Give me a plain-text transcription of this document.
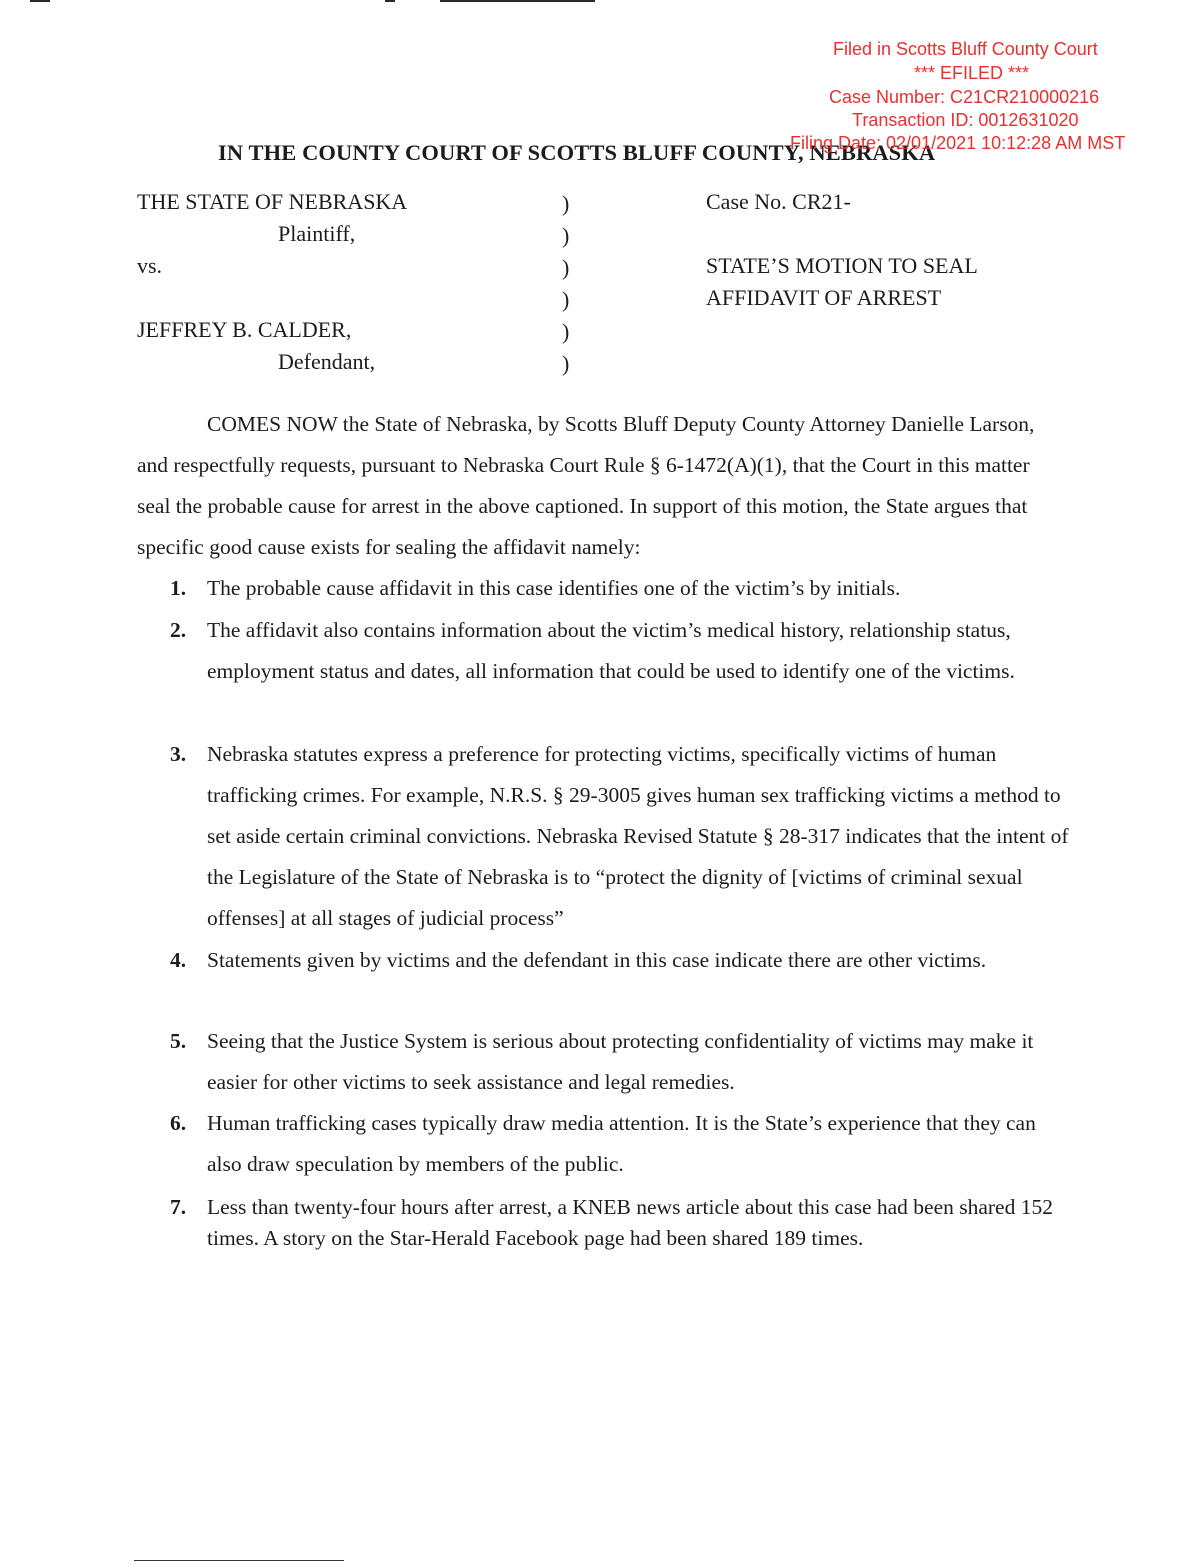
Filed in Scotts Bluff County Court
*** EFILED ***
Case Number: C21CR210000216
Transaction ID: 0012631020
IN THE COUNTY COURT OF SCOTTS BLUFF COUNTY, NEBRASKA
Filing Date: 02/01/2021 10:12:28 AM MST
THE STATE OF NEBRASKA
Plaintiff,
vs.
JEFFREY B. CALDER,
Defendant,
)
)
)
)
)
)
Case No. CR21-
STATE’S MOTION TO SEAL
AFFIDAVIT OF ARREST
COMES NOW the State of Nebraska, by Scotts Bluff Deputy County Attorney Danielle Larson, and respectfully requests, pursuant to Nebraska Court Rule § 6-1472(A)(1), that the Court in this matter seal the probable cause for arrest in the above captioned. In support of this motion, the State argues that specific good cause exists for sealing the affidavit namely:
1. The probable cause affidavit in this case identifies one of the victim’s by initials.
2. The affidavit also contains information about the victim’s medical history, relationship status, employment status and dates, all information that could be used to identify one of the victims.
3. Nebraska statutes express a preference for protecting victims, specifically victims of human trafficking crimes. For example, N.R.S. § 29-3005 gives human sex trafficking victims a method to set aside certain criminal convictions. Nebraska Revised Statute § 28-317 indicates that the intent of the Legislature of the State of Nebraska is to “protect the dignity of [victims of criminal sexual offenses] at all stages of judicial process”
4. Statements given by victims and the defendant in this case indicate there are other victims.
5. Seeing that the Justice System is serious about protecting confidentiality of victims may make it easier for other victims to seek assistance and legal remedies.
6. Human trafficking cases typically draw media attention. It is the State’s experience that they can also draw speculation by members of the public.
7. Less than twenty-four hours after arrest, a KNEB news article about this case had been shared 152 times. A story on the Star-Herald Facebook page had been shared 189 times.
